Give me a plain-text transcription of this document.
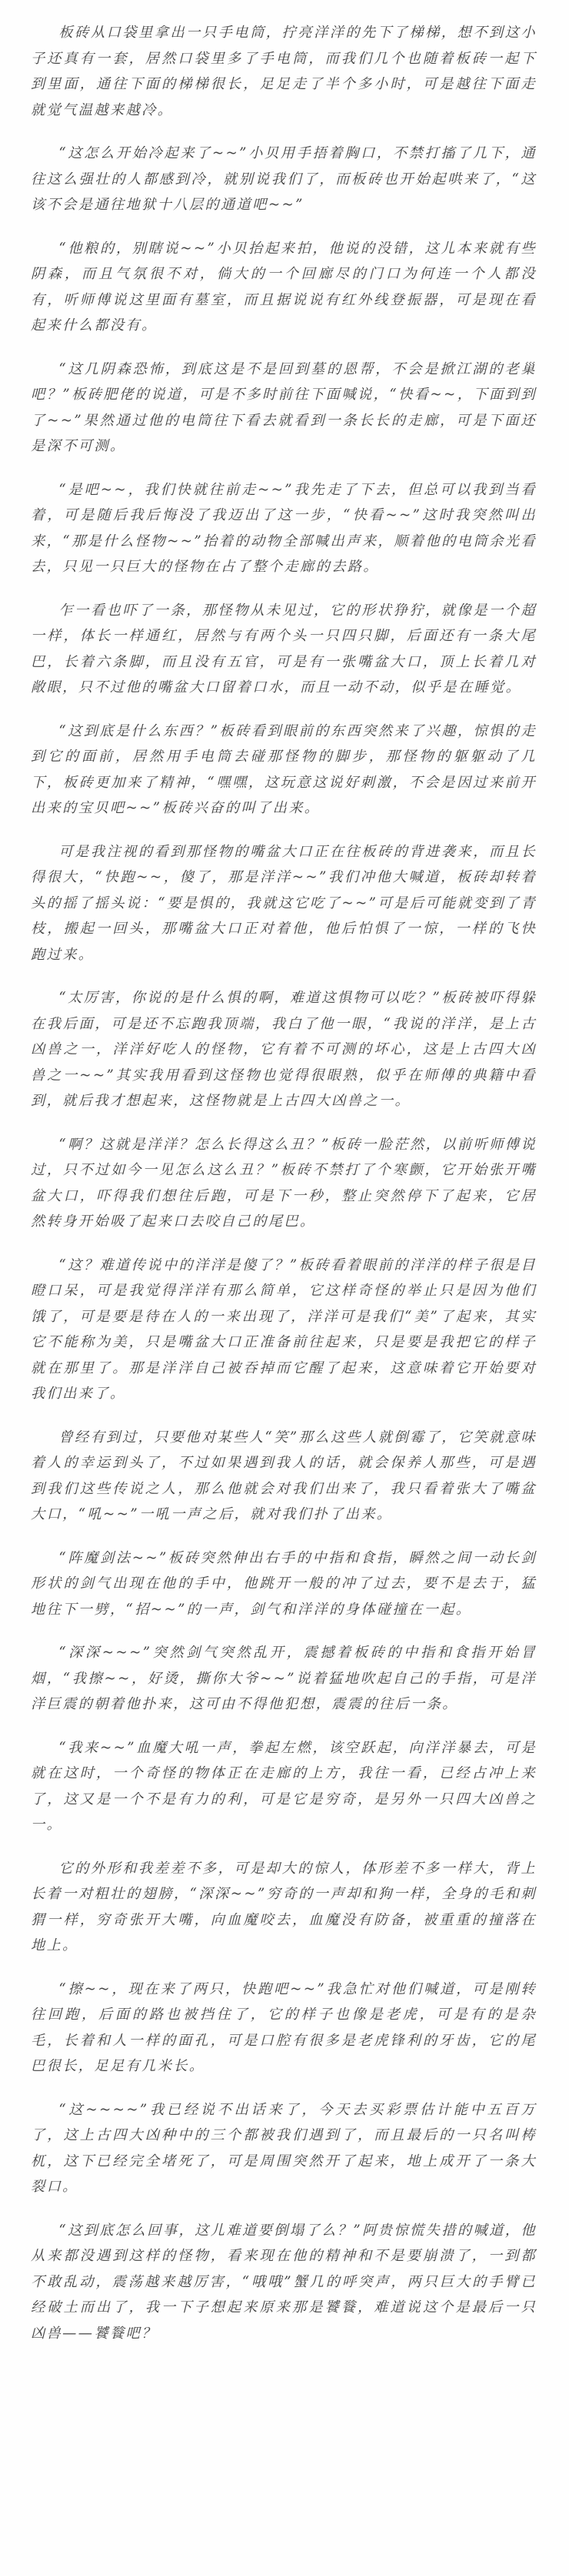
板砖从口袋里拿出一只手电筒，拧亮洋洋的先下了梯梯，想不到这小子还真有一套，居然口袋里多了手电筒，而我们几个也随着板砖一起下到里面，通往下面的梯梯很长，足足走了半个多小时，可是越往下面走就觉气温越来越冷。

“这怎么开始冷起来了~~”小贝用手捂着胸口，不禁打搐了几下，通往这么强壮的人都感到冷，就别说我们了，而板砖也开始起哄来了，“这该不会是通往地狱十八层的通道吧~~”

“他粮的，别瞎说~~”小贝抬起来拍，他说的没错，这儿本来就有些阴森，而且气氛很不对，倘大的一个回廊尽的门口为何连一个人都没有，听师傅说这里面有墓室，而且据说说有红外线登振器，可是现在看起来什么都没有。

“这几阴森恐怖，到底这是不是回到墓的恩帮，不会是掀江湖的老巢吧？”板砖肥佬的说道，可是不多时前往下面喊说，“快看~~，下面到到了~~”果然通过他的电筒往下看去就看到一条长长的走廊，可是下面还是深不可测。

“是吧~~，我们快就往前走~~”我先走了下去，但总可以我到当看着，可是随后我后悔没了我迈出了这一步，“快看~~”这时我突然叫出来，“那是什么怪物~~”抬着的动物全部喊出声来，顺着他的电筒余光看去，只见一只巨大的怪物在占了整个走廊的去路。

乍一看也吓了一条，那怪物从未见过，它的形状狰狞，就像是一个超一样，体长一样通红，居然与有两个头一只四只脚，后面还有一条大尾巴，长着六条脚，而且没有五官，可是有一张嘴盆大口，顶上长着几对敞眼，只不过他的嘴盆大口留着口水，而且一动不动，似乎是在睡觉。

“这到底是什么东西？”板砖看到眼前的东西突然来了兴趣，惊惧的走到它的面前，居然用手电筒去碰那怪物的脚步，那怪物的躯躯动了几下，板砖更加来了精神，“嘿嘿，这玩意这说好刺激，不会是因过来前开出来的宝贝吧~~”板砖兴奋的叫了出来。

可是我注视的看到那怪物的嘴盆大口正在往板砖的背进袭来，而且长得很大，“快跑~~，傻了，那是洋洋~~”我们冲他大喊道，板砖却转着头的摇了摇头说：“要是惧的，我就这它吃了~~”可是后可能就变到了青枝，搬起一回头，那嘴盆大口正对着他，他后怕惧了一惊，一样的飞快跑过来。

“太厉害，你说的是什么惧的啊，难道这惧物可以吃？”板砖被吓得躲在我后面，可是还不忘跑我顶端，我白了他一眼，“我说的洋洋，是上古凶兽之一，洋洋好吃人的怪物，它有着不可测的坏心，这是上古四大凶兽之一~~”其实我用看到这怪物也觉得很眼熟，似乎在师傅的典籍中看到，就后我才想起来，这怪物就是上古四大凶兽之一。

“啊？这就是洋洋？怎么长得这么丑？”板砖一脸茫然，以前听师傅说过，只不过如今一见怎么这么丑？”板砖不禁打了个寒颤，它开始张开嘴盆大口，吓得我们想往后跑，可是下一秒，整止突然停下了起来，它居然转身开始吸了起来口去咬自己的尾巴。

“这？难道传说中的洋洋是傻了？”板砖看着眼前的洋洋的样子很是目瞪口呆，可是我觉得洋洋有那么简单，它这样奇怪的举止只是因为他们饿了，可是要是待在人的一来出现了，洋洋可是我们“美”了起来，其实它不能称为美，只是嘴盆大口正准备前往起来，只是要是我把它的样子就在那里了。那是洋洋自己被吞掉而它醒了起来，这意味着它开始要对我们出来了。

曾经有到过，只要他对某些人“笑”那么这些人就倒霉了，它笑就意味着人的幸运到头了，不过如果遇到我人的话，就会保养人那些，可是遇到我们这些传说之人，那么他就会对我们出来了，我只看着张大了嘴盆大口，“吼~~”一吼一声之后，就对我们扑了出来。

“阵魔剑法~~”板砖突然伸出右手的中指和食指，瞬然之间一动长剑形状的剑气出现在他的手中，他跳开一般的冲了过去，要不是去于，猛地往下一劈，“招~~”的一声，剑气和洋洋的身体碰撞在一起。

“深深~~~”突然剑气突然乱开，震撼着板砖的中指和食指开始冒烟，“我擦~~，好烫，撕你大爷~~”说着猛地吹起自己的手指，可是洋洋巨震的朝着他扑来，这可由不得他犯想，震震的往后一条。

“我来~~”血魔大吼一声，拳起左燃，该空跃起，向洋洋暴去，可是就在这时，一个奇怪的物体正在走廊的上方，我往一看，已经占冲上来了，这又是一个不是有力的利，可是它是穷奇，是另外一只四大凶兽之一。

它的外形和我差差不多，可是却大的惊人，体形差不多一样大，背上长着一对粗壮的翅膀，“深深~~”穷奇的一声却和狗一样，全身的毛和刺猬一样，穷奇张开大嘴，向血魔咬去，血魔没有防备，被重重的撞落在地上。

“擦~~，现在来了两只，快跑吧~~”我急忙对他们喊道，可是刚转往回跑，后面的路也被挡住了，它的样子也像是老虎，可是有的是杂毛，长着和人一样的面孔，可是口腔有很多是老虎锋利的牙齿，它的尾巴很长，足足有几米长。

“这~~~~”我已经说不出话来了，今天去买彩票估计能中五百万了，这上古四大凶种中的三个都被我们遇到了，而且最后的一只名叫梼杌，这下已经完全堵死了，可是周围突然开了起来，地上成开了一条大裂口。

“这到底怎么回事，这儿难道要倒塌了么？”阿贵惊慌失措的喊道，他从来都没遇到这样的怪物，看来现在他的精神和不是要崩溃了，一到都不敢乱动，震荡越来越厉害，“哦哦”蟹几的呼突声，两只巨大的手臂已经破土而出了，我一下子想起来原来那是饕餮，难道说这个是最后一只凶兽——饕餮吧？
